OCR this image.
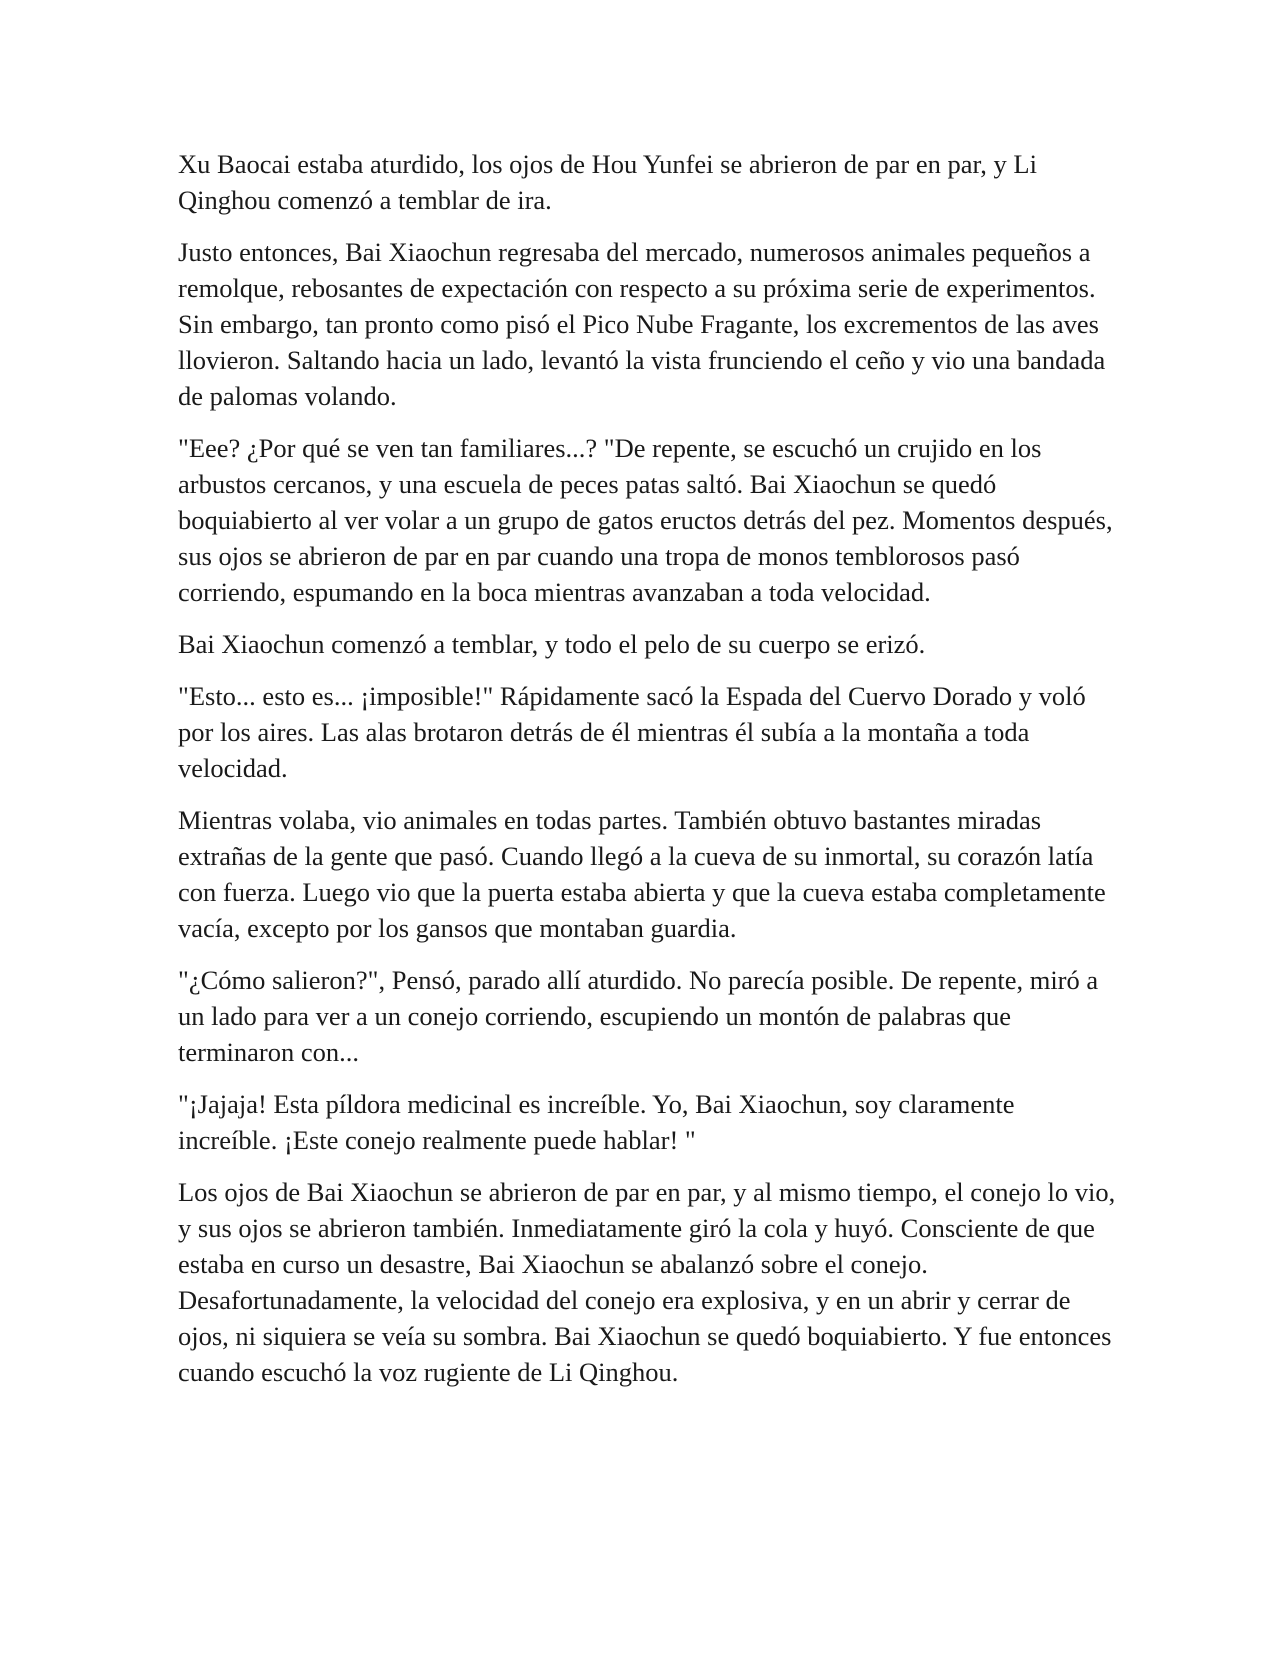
Xu Baocai estaba aturdido, los ojos de Hou Yunfei se abrieron de par en par, y Li Qinghou comenzó a temblar de ira.

Justo entonces, Bai Xiaochun regresaba del mercado, numerosos animales pequeños a remolque, rebosantes de expectación con respecto a su próxima serie de experimentos. Sin embargo, tan pronto como pisó el Pico Nube Fragante, los excrementos de las aves llovieron. Saltando hacia un lado, levantó la vista frunciendo el ceño y vio una bandada de palomas volando.

"Eee? ¿Por qué se ven tan familiares...? "De repente, se escuchó un crujido en los arbustos cercanos, y una escuela de peces patas saltó. Bai Xiaochun se quedó boquiabierto al ver volar a un grupo de gatos eructos detrás del pez. Momentos después, sus ojos se abrieron de par en par cuando una tropa de monos temblorosos pasó corriendo, espumando en la boca mientras avanzaban a toda velocidad.

Bai Xiaochun comenzó a temblar, y todo el pelo de su cuerpo se erizó.

"Esto... esto es... ¡imposible!" Rápidamente sacó la Espada del Cuervo Dorado y voló por los aires. Las alas brotaron detrás de él mientras él subía a la montaña a toda velocidad.

Mientras volaba, vio animales en todas partes. También obtuvo bastantes miradas extrañas de la gente que pasó. Cuando llegó a la cueva de su inmortal, su corazón latía con fuerza. Luego vio que la puerta estaba abierta y que la cueva estaba completamente vacía, excepto por los gansos que montaban guardia.

"¿Cómo salieron?", Pensó, parado allí aturdido. No parecía posible. De repente, miró a un lado para ver a un conejo corriendo, escupiendo un montón de palabras que terminaron con...

"¡Jajaja! Esta píldora medicinal es increíble. Yo, Bai Xiaochun, soy claramente increíble. ¡Este conejo realmente puede hablar! "

Los ojos de Bai Xiaochun se abrieron de par en par, y al mismo tiempo, el conejo lo vio, y sus ojos se abrieron también. Inmediatamente giró la cola y huyó. Consciente de que estaba en curso un desastre, Bai Xiaochun se abalanzó sobre el conejo. Desafortunadamente, la velocidad del conejo era explosiva, y en un abrir y cerrar de ojos, ni siquiera se veía su sombra. Bai Xiaochun se quedó boquiabierto. Y fue entonces cuando escuchó la voz rugiente de Li Qinghou.
